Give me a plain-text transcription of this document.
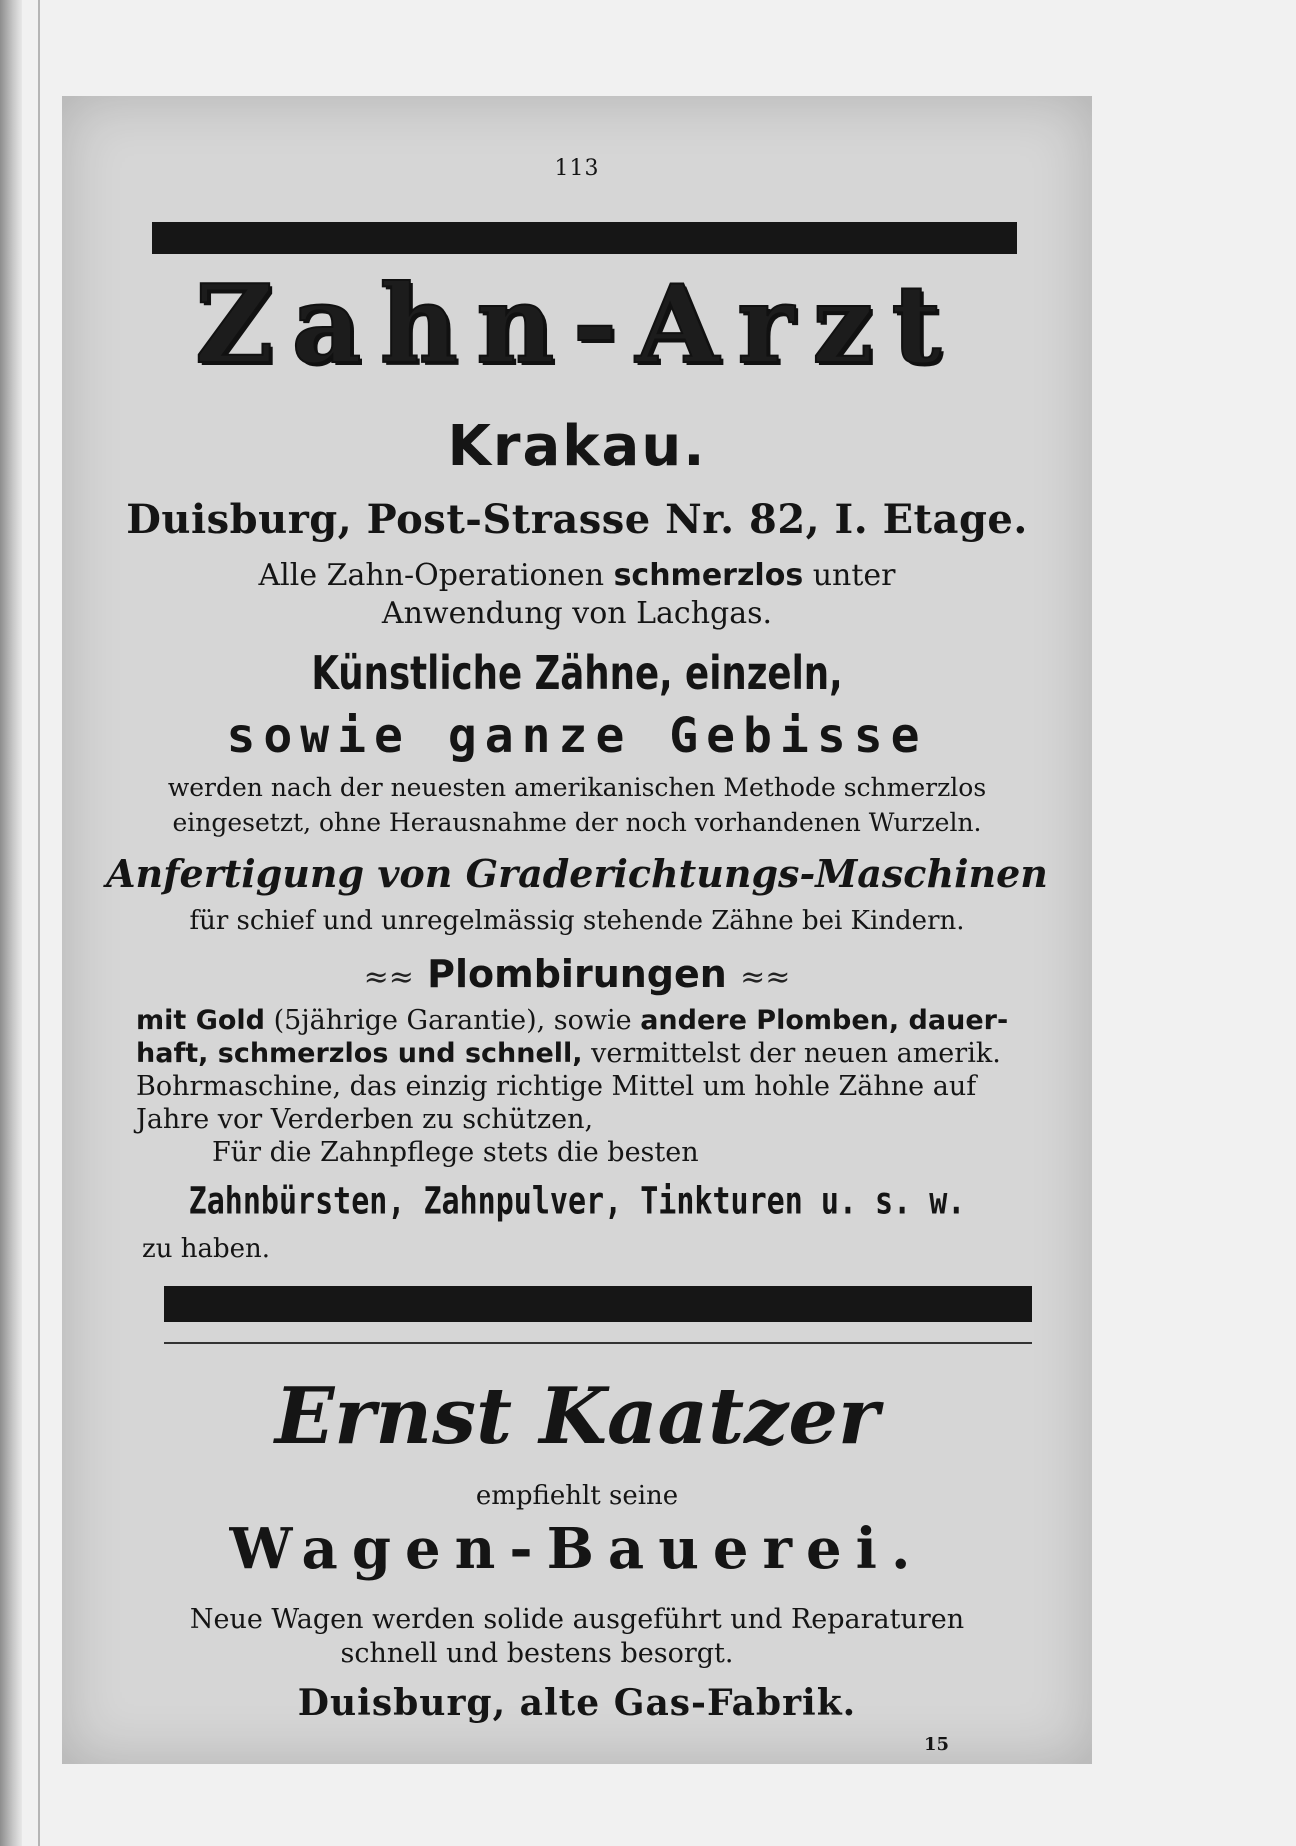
113
Zahn-Arzt
Krakau.
Duisburg, Post-Strasse Nr. 82, I. Etage.
Alle Zahn-Operationen schmerzlos unter
Anwendung von Lachgas.
Künstliche Zähne, einzeln,
sowie ganze Gebisse
werden nach der neuesten amerikanischen Methode schmerzlos
eingesetzt, ohne Herausnahme der noch vorhandenen Wurzeln.
Anfertigung von Graderichtungs-Maschinen
für schief und unregelmässig stehende Zähne bei Kindern.
≈≈ Plombirungen ≈≈
mit Gold (5jährige Garantie), sowie andere Plomben, dauer-
haft, schmerzlos und schnell, vermittelst der neuen amerik.
Bohrmaschine, das einzig richtige Mittel um hohle Zähne auf
Jahre vor Verderben zu schützen,
Für die Zahnpflege stets die besten
Zahnbürsten, Zahnpulver, Tinkturen u. s. w.
zu haben.
Ernst Kaatzer
empfiehlt seine
Wagen-Bauerei.
Neue Wagen werden solide ausgeführt und Reparaturen
schnell und bestens besorgt.
Duisburg, alte Gas-Fabrik.
15
